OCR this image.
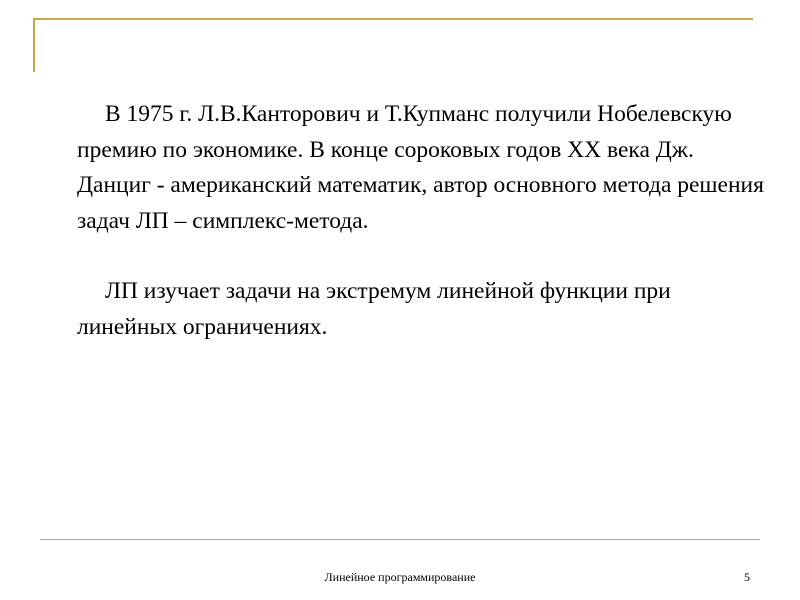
В 1975 г. Л.В.Канторович и Т.Купманс получили Нобелевскую премию по экономике. В конце сороковых годов XX века Дж. Данциг - американский математик, автор основного метода решения задач ЛП – симплекс-метода.

ЛП изучает задачи на экстремум линейной функции при линейных ограничениях.

Линейное программирование	5
